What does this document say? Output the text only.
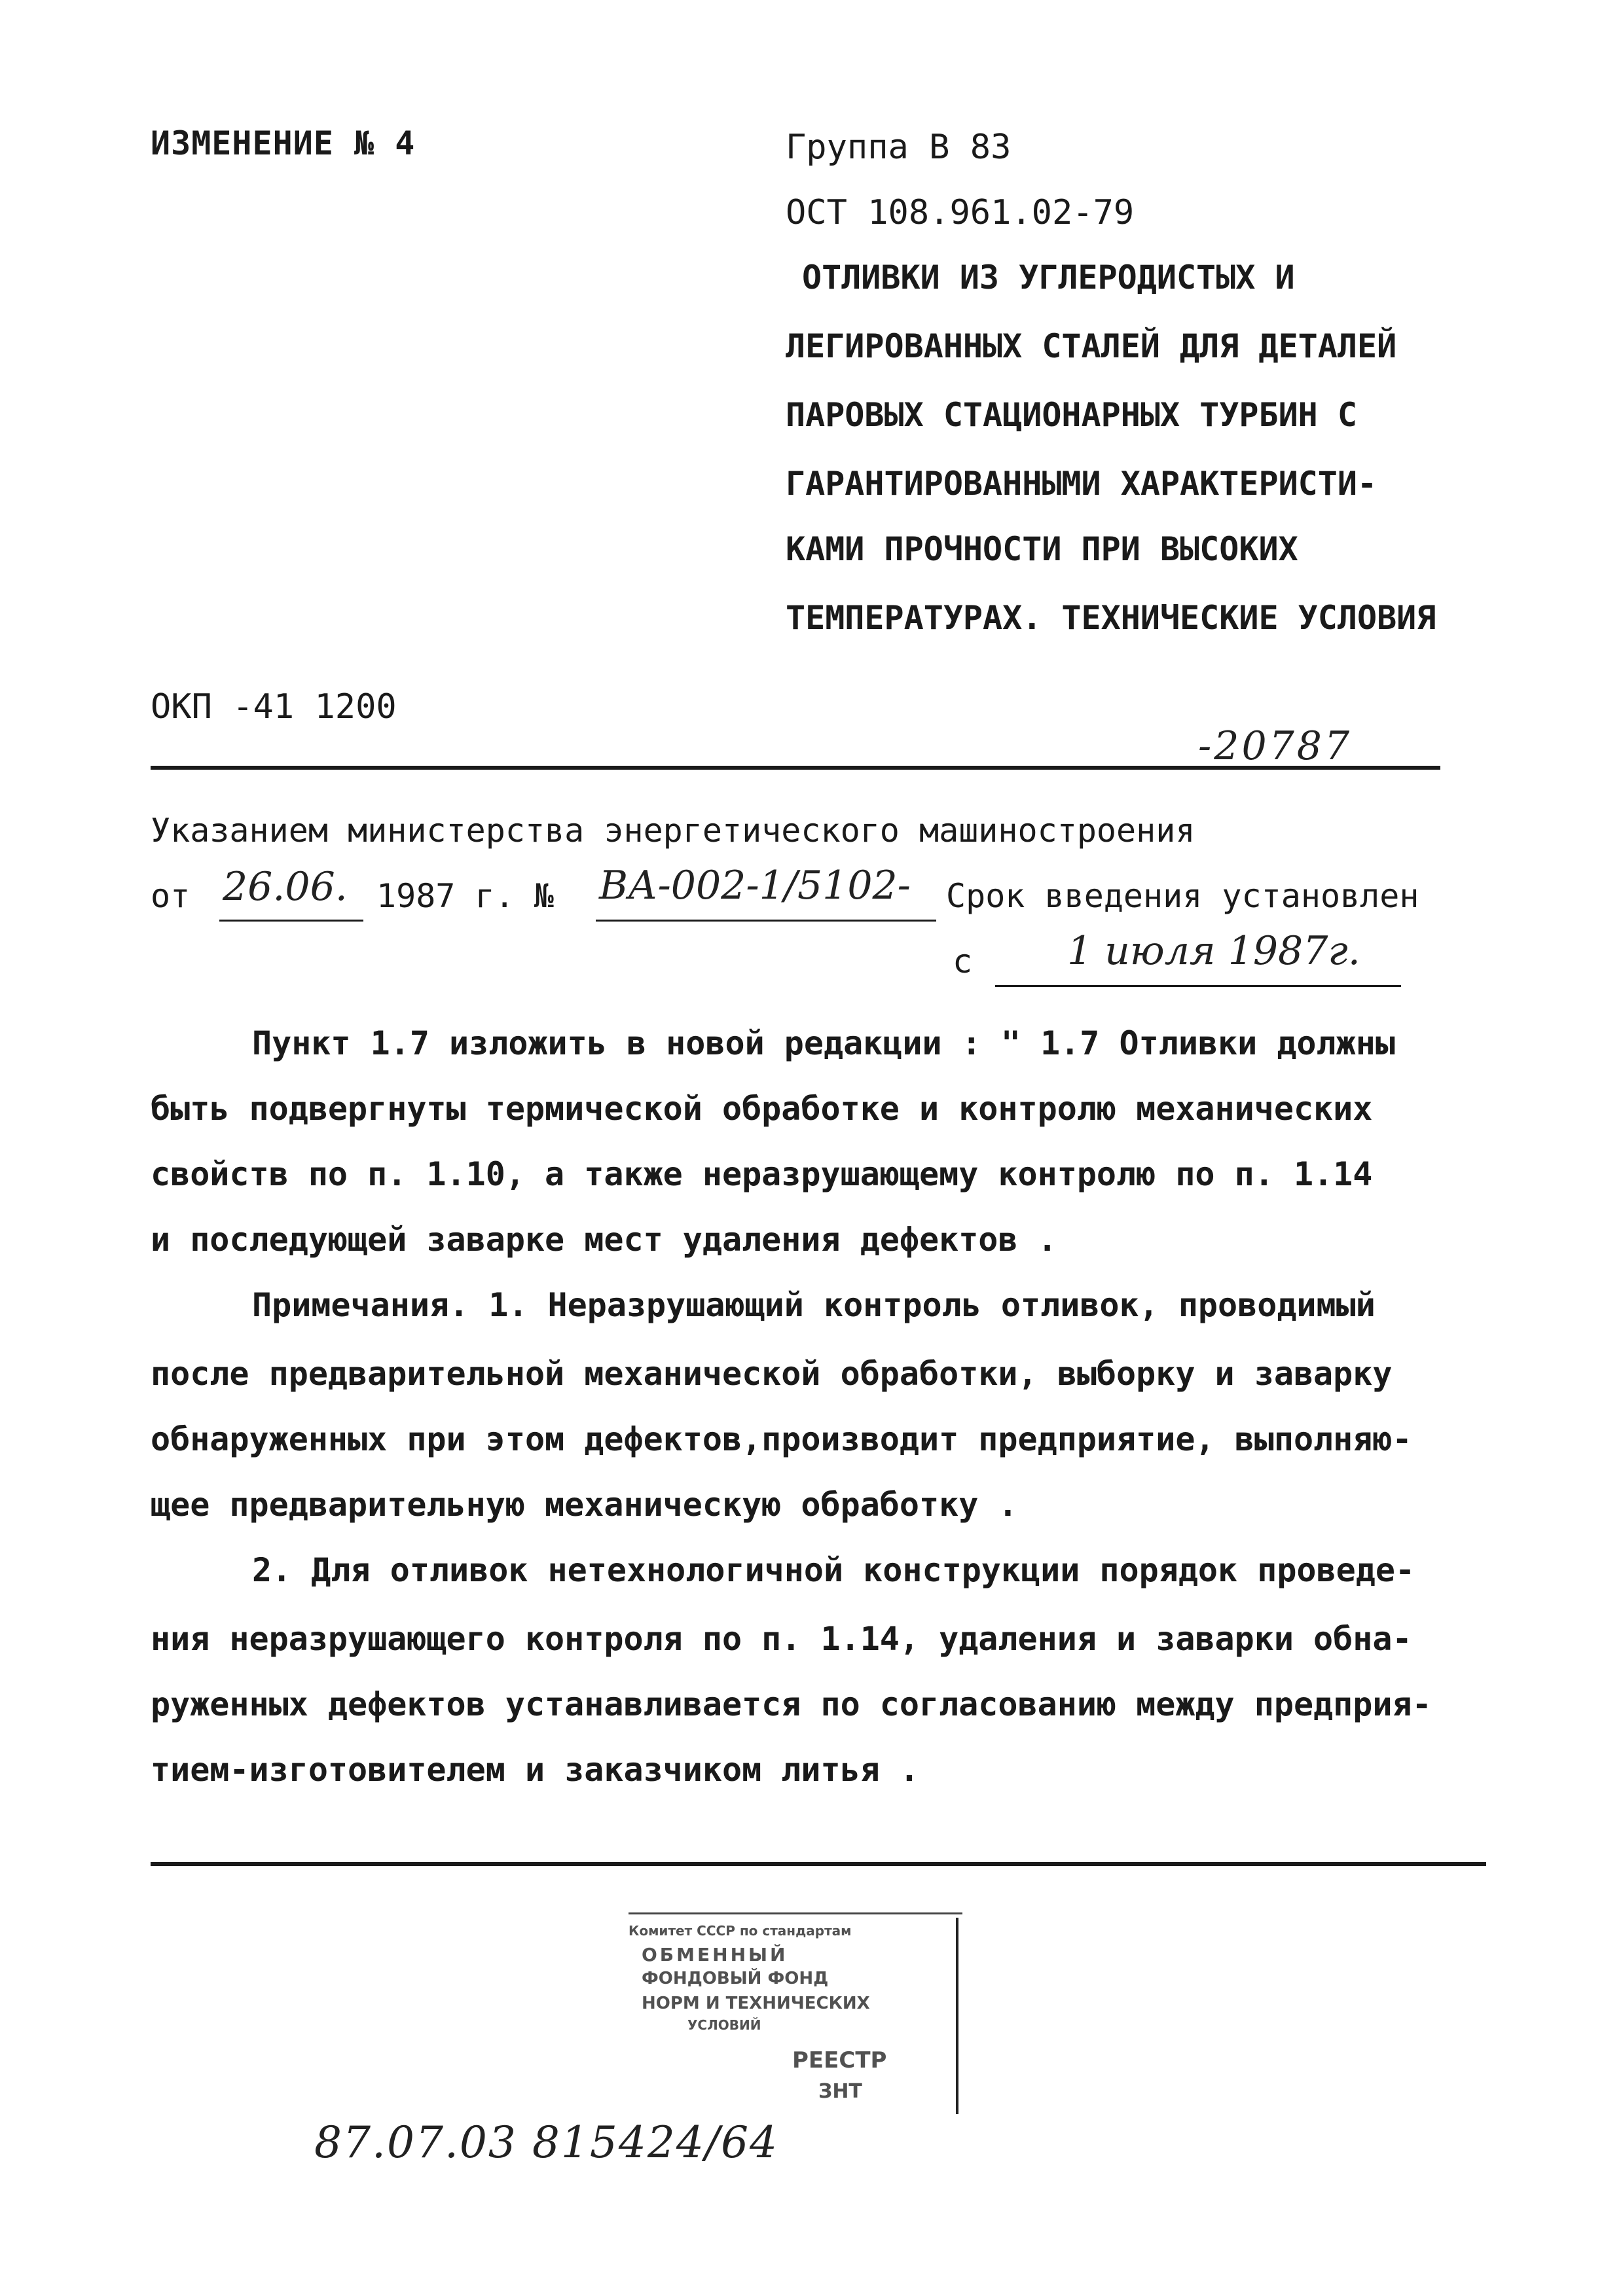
ИЗМЕНЕНИЕ № 4	Группа В 83
ОСТ 108.961.02-79
ОТЛИВКИ ИЗ УГЛЕРОДИСТЫХ И
ЛЕГИРОВАННЫХ СТАЛЕЙ ДЛЯ ДЕТАЛЕЙ
ПАРОВЫХ СТАЦИОНАРНЫХ ТУРБИН С
ГАРАНТИРОВАННЫМИ ХАРАКТЕРИСТИ-
КАМИ ПРОЧНОСТИ ПРИ ВЫСОКИХ
ТЕМПЕРАТУРАХ. ТЕХНИЧЕСКИЕ УСЛОВИЯ
ОКП -41 1200
-20787
Указанием министерства энергетического машиностроения
от 26.06. 1987 г. № ВА-002-1/5102- Срок введения установлен
с 1 июля 1987г.
Пункт 1.7 изложить в новой редакции : " 1.7 Отливки должны
быть подвергнуты термической обработке и контролю механических
свойств по п. 1.10, а также неразрушающему контролю по п. 1.14
и последующей заварке мест удаления дефектов .
Примечания. 1. Неразрушающий контроль отливок, проводимый
после предварительной механической обработки, выборку и заварку
обнаруженных при этом дефектов,производит предприятие, выполняю-
щее предварительную механическую обработку .
2. Для отливок нетехнологичной конструкции порядок проведе-
ния неразрушающего контроля по п. 1.14, удаления и заварки обна-
руженных дефектов устанавливается по согласованию между предприя-
тием-изготовителем и заказчиком литья .
Комитет СССР по стандартам
ОБМЕННЫЙ
ФОНДОВЫЙ ФОНД
НОРМ И ТЕХНИЧЕСКИХ
УСЛОВИЙ
РЕЕСТР
ЗНТ
87.07.03 815424/64
